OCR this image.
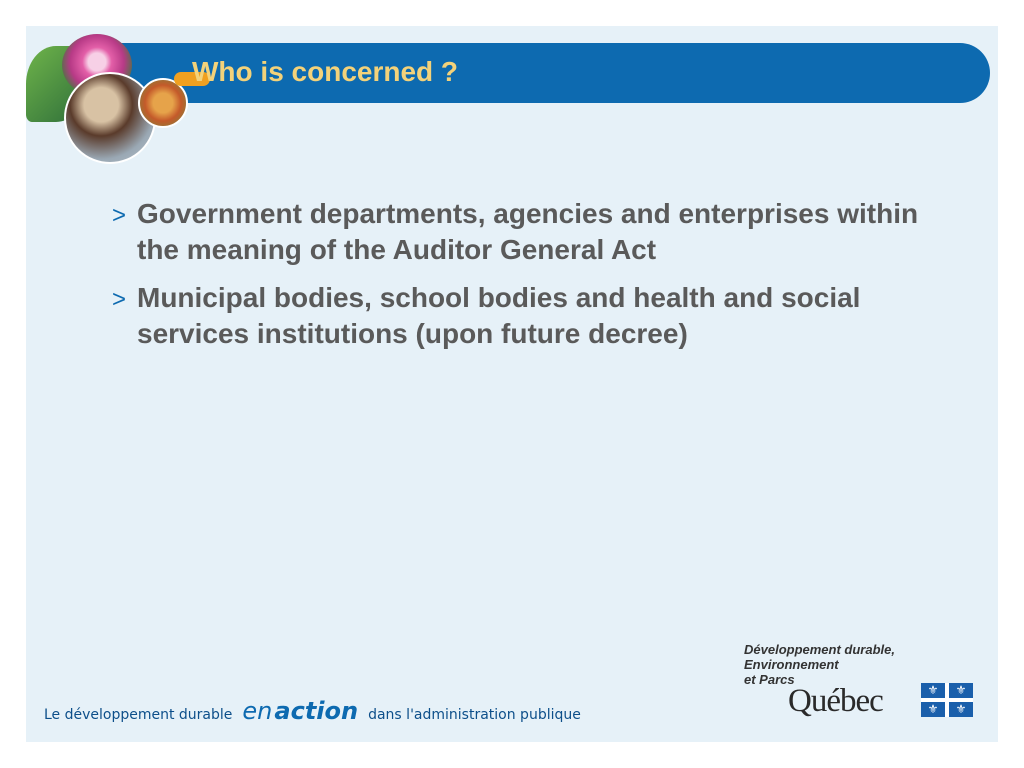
Who is concerned ?
> Government departments, agencies and enterprises within the meaning of the Auditor General Act
> Municipal bodies, school bodies and health and social services institutions (upon future decree)
Le développement durable enaction dans l'administration publique
Développement durable,
Environnement
et Parcs
Québec	⚜	⚜
⚜	⚜
